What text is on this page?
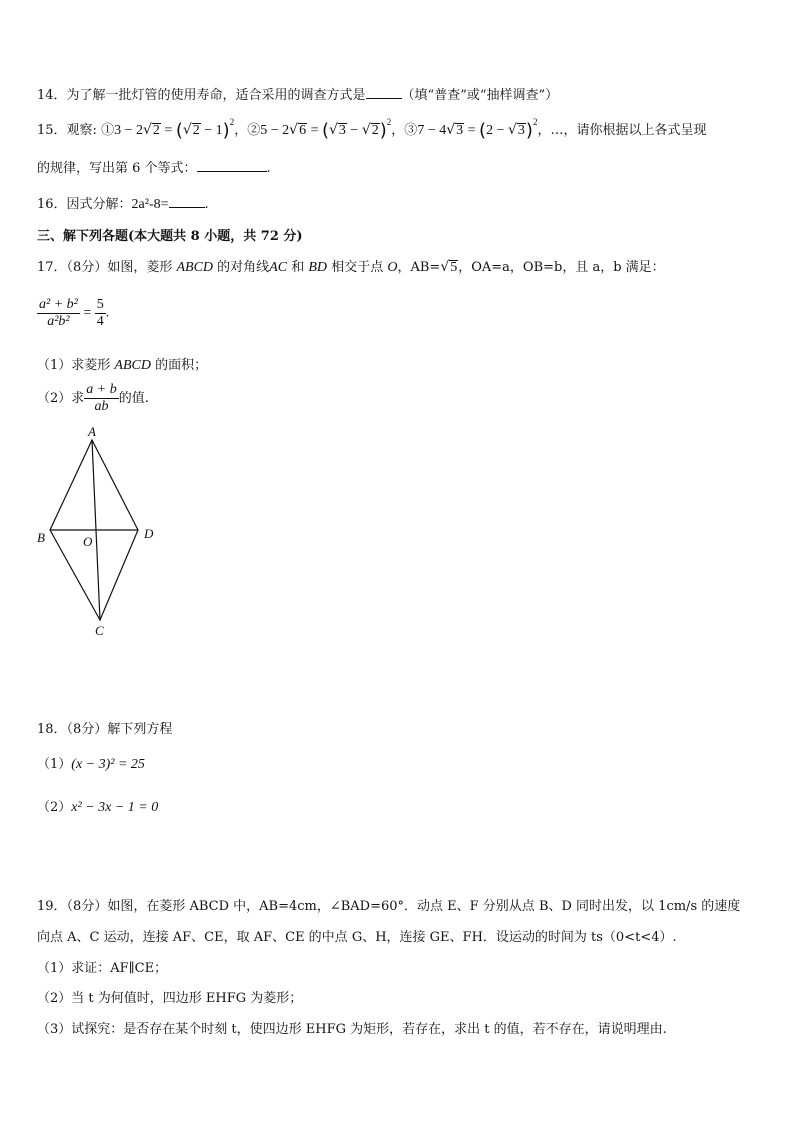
14．为了解一批灯管的使用寿命，适合采用的调查方式是	（填“普查”或“抽样调查”）
15．观察: ①3 − $2√2 = (√2 - 1)^2$，②5 − $2√6 = (√3 - √2)^2$，③7 − $4√3 = (2 - √3)^2$，…，请你根据以上各式呈现
的规律，写出第 6 个等式：	.
16．因式分解：2a²-8=	.
三、解下列各题(本大题共 8 小题，共 72 分)
17．（8分）如图，菱形 ABCD 的对角线AC 和 BD 相交于点 O，AB=√5，OA=a，OB=b，且 a，b 满足：
$\frac{\text{a² + b²}}{\text{a²b²}} = \frac{5}{4}$ .
（1）求菱形 ABCD 的面积；
（2）求 $\frac{a + b}{ab}$ 的值.
A
B	D
O
C
18．（8分）解下列方程
（1）(x − 3)² = 25
（2）x² − 3x − 1 = 0
19．（8分）如图，在菱形 ABCD 中，AB=4cm，∠BAD=60°．动点 E、F 分别从点 B、D 同时出发，以 1cm/s 的速度
向点 A、C 运动，连接 AF、CE，取 AF、CE 的中点 G、H，连接 GE、FH．设运动的时间为 ts（0<t<4）.
（1）求证：AF∥CE；
（2）当 t 为何值时，四边形 EHFG 为菱形；
（3）试探究：是否存在某个时刻 t，使四边形 EHFG 为矩形，若存在，求出 t 的值，若不存在，请说明理由.
